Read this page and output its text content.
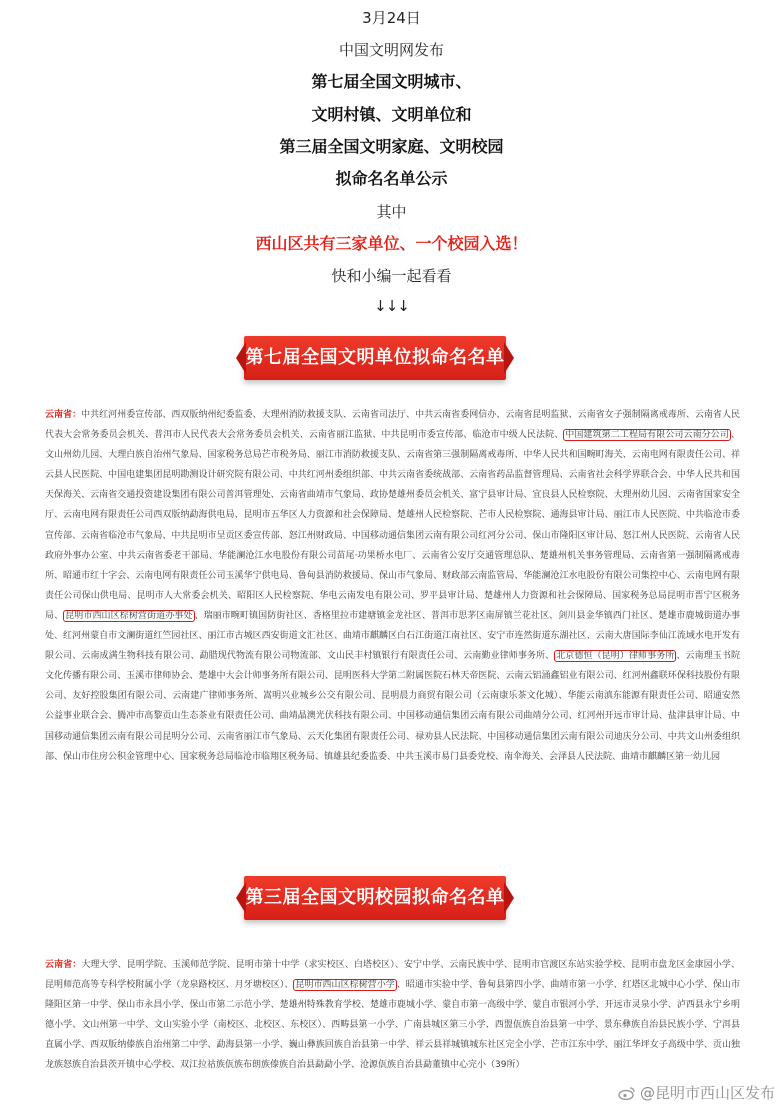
3月24日
中国文明网发布
第七届全国文明城市、
文明村镇、文明单位和
第三届全国文明家庭、文明校园
拟命名名单公示
其中
西山区共有三家单位、一个校园入选！
快和小编一起看看
↓↓↓
第七届全国文明单位拟命名名单
云南省：中共红河州委宣传部、西双版纳州纪委监委、大理州消防救援支队、云南省司法厅、中共云南省委网信办、云南省昆明监狱、云南省女子强制隔离戒毒所、云南省人民代表大会常务委员会机关、普洱市人民代表大会常务委员会机关、云南省丽江监狱、中共昆明市委宣传部、临沧市中级人民法院、 中国建筑第二工程局有限公司云南分公司 、文山州幼儿园、大理白族自治州气象局、国家税务总局芒市税务局、丽江市消防救援支队、云南省第三强制隔离戒毒所、中华人民共和国畹町海关、云南电网有限责任公司、祥云县人民医院、中国电建集团昆明勘测设计研究院有限公司、中共红河州委组织部、中共云南省委统战部、云南省药品监督管理局、云南省社会科学界联合会、中华人民共和国天保海关、云南省交通投资建设集团有限公司普洱管理处、云南省曲靖市气象局、政协楚雄州委员会机关、富宁县审计局、宜良县人民检察院、大理州幼儿园、云南省国家安全厅、云南电网有限责任公司西双版纳勐海供电局、昆明市五华区人力资源和社会保障局、楚雄州人民检察院、芒市人民检察院、通海县审计局、丽江市人民医院、中共临沧市委宣传部、云南省临沧市气象局、中共昆明市呈贡区委宣传部、怒江州财政局、中国移动通信集团云南有限公司红河分公司、保山市隆阳区审计局、怒江州人民医院、云南省人民政府外事办公室、中共云南省委老干部局、华能澜沧江水电股份有限公司苗尾·功果桥水电厂、云南省公安厅交通管理总队、楚雄州机关事务管理局、云南省第一强制隔离戒毒所、昭通市红十字会、云南电网有限责任公司玉溪华宁供电局、鲁甸县消防救援局、保山市气象局、财政部云南监管局、华能澜沧江水电股份有限公司集控中心、云南电网有限责任公司保山供电局、昆明市人大常委会机关、昭阳区人民检察院、华电云南发电有限公司、罗平县审计局、楚雄州人力资源和社会保障局、国家税务总局昆明市晋宁区税务局、 昆明市西山区棕树营街道办事处 、瑞丽市畹町镇国防街社区、香格里拉市建塘镇金龙社区、普洱市思茅区南屏镇兰花社区、剑川县金华镇西门社区、楚雄市鹿城街道办事处、红河州蒙自市文澜街道红竺园社区、丽江市古城区西安街道文汇社区、曲靖市麒麟区白石江街道江南社区、安宁市连然街道东湖社区、云南大唐国际李仙江流域水电开发有限公司、云南成满生物科技有限公司、勐腊现代物流有限公司物流部、文山民丰村镇银行有限责任公司、云南勤业律师事务所、 北京德恒（昆明）律师事务所 、云南理玉书院文化传播有限公司、玉溪市律师协会、楚雄中大会计师事务所有限公司、昆明医科大学第二附属医院石林天帝医院、云南云铝涌鑫铝业有限公司、红河州鑫联环保科技股份有限公司、友好控股集团有限公司、云南建广律师事务所、嵩明兴业城乡公交有限公司、昆明晨力商贸有限公司（云南康乐茶文化城）、华能云南滇东能源有限责任公司、昭通安然公益事业联合会、腾冲市高黎贡山生态茶业有限责任公司、曲靖晶澳光伏科技有限公司、中国移动通信集团云南有限公司曲靖分公司、红河州开远市审计局、盐津县审计局、中国移动通信集团云南有限公司昆明分公司、云南省丽江市气象局、云天化集团有限责任公司、禄劝县人民法院、中国移动通信集团云南有限公司迪庆分公司、中共文山州委组织部、保山市住房公积金管理中心、国家税务总局临沧市临翔区税务局、镇雄县纪委监委、中共玉溪市易门县委党校、南伞海关、会泽县人民法院、曲靖市麒麟区第一幼儿园
第三届全国文明校园拟命名名单
云南省：大理大学、昆明学院、玉溪师范学院、昆明市第十中学（求实校区、白塔校区）、安宁中学、云南民族中学、昆明市官渡区东站实验学校、昆明市盘龙区金康园小学、昆明师范高等专科学校附属小学（龙泉路校区、月牙塘校区）、 昆明市西山区棕树营小学 、昭通市实验中学、鲁甸县第四小学、曲靖市第一小学、红塔区北城中心小学、保山市隆阳区第一中学、保山市永昌小学、保山市第二示范小学、楚雄州特殊教育学校、楚雄市鹿城小学、蒙自市第一高级中学、蒙自市银河小学、开远市灵泉小学、泸西县永宁乡明德小学、文山州第一中学、文山实验小学（南校区、北校区、东校区）、西畴县第一小学、广南县城区第三小学、西盟佤族自治县第一中学、景东彝族自治县民族小学、宁洱县直属小学、西双版纳傣族自治州第二中学、勐海县第一小学、巍山彝族回族自治县第一中学、祥云县祥城镇城东社区完全小学、芒市江东中学、丽江华坪女子高级中学、贡山独龙族怒族自治县茨开镇中心学校、双江拉祜族佤族布朗族傣族自治县勐勐小学、沧源佤族自治县勐董镇中心完小（39所）
@昆明市西山区发布
